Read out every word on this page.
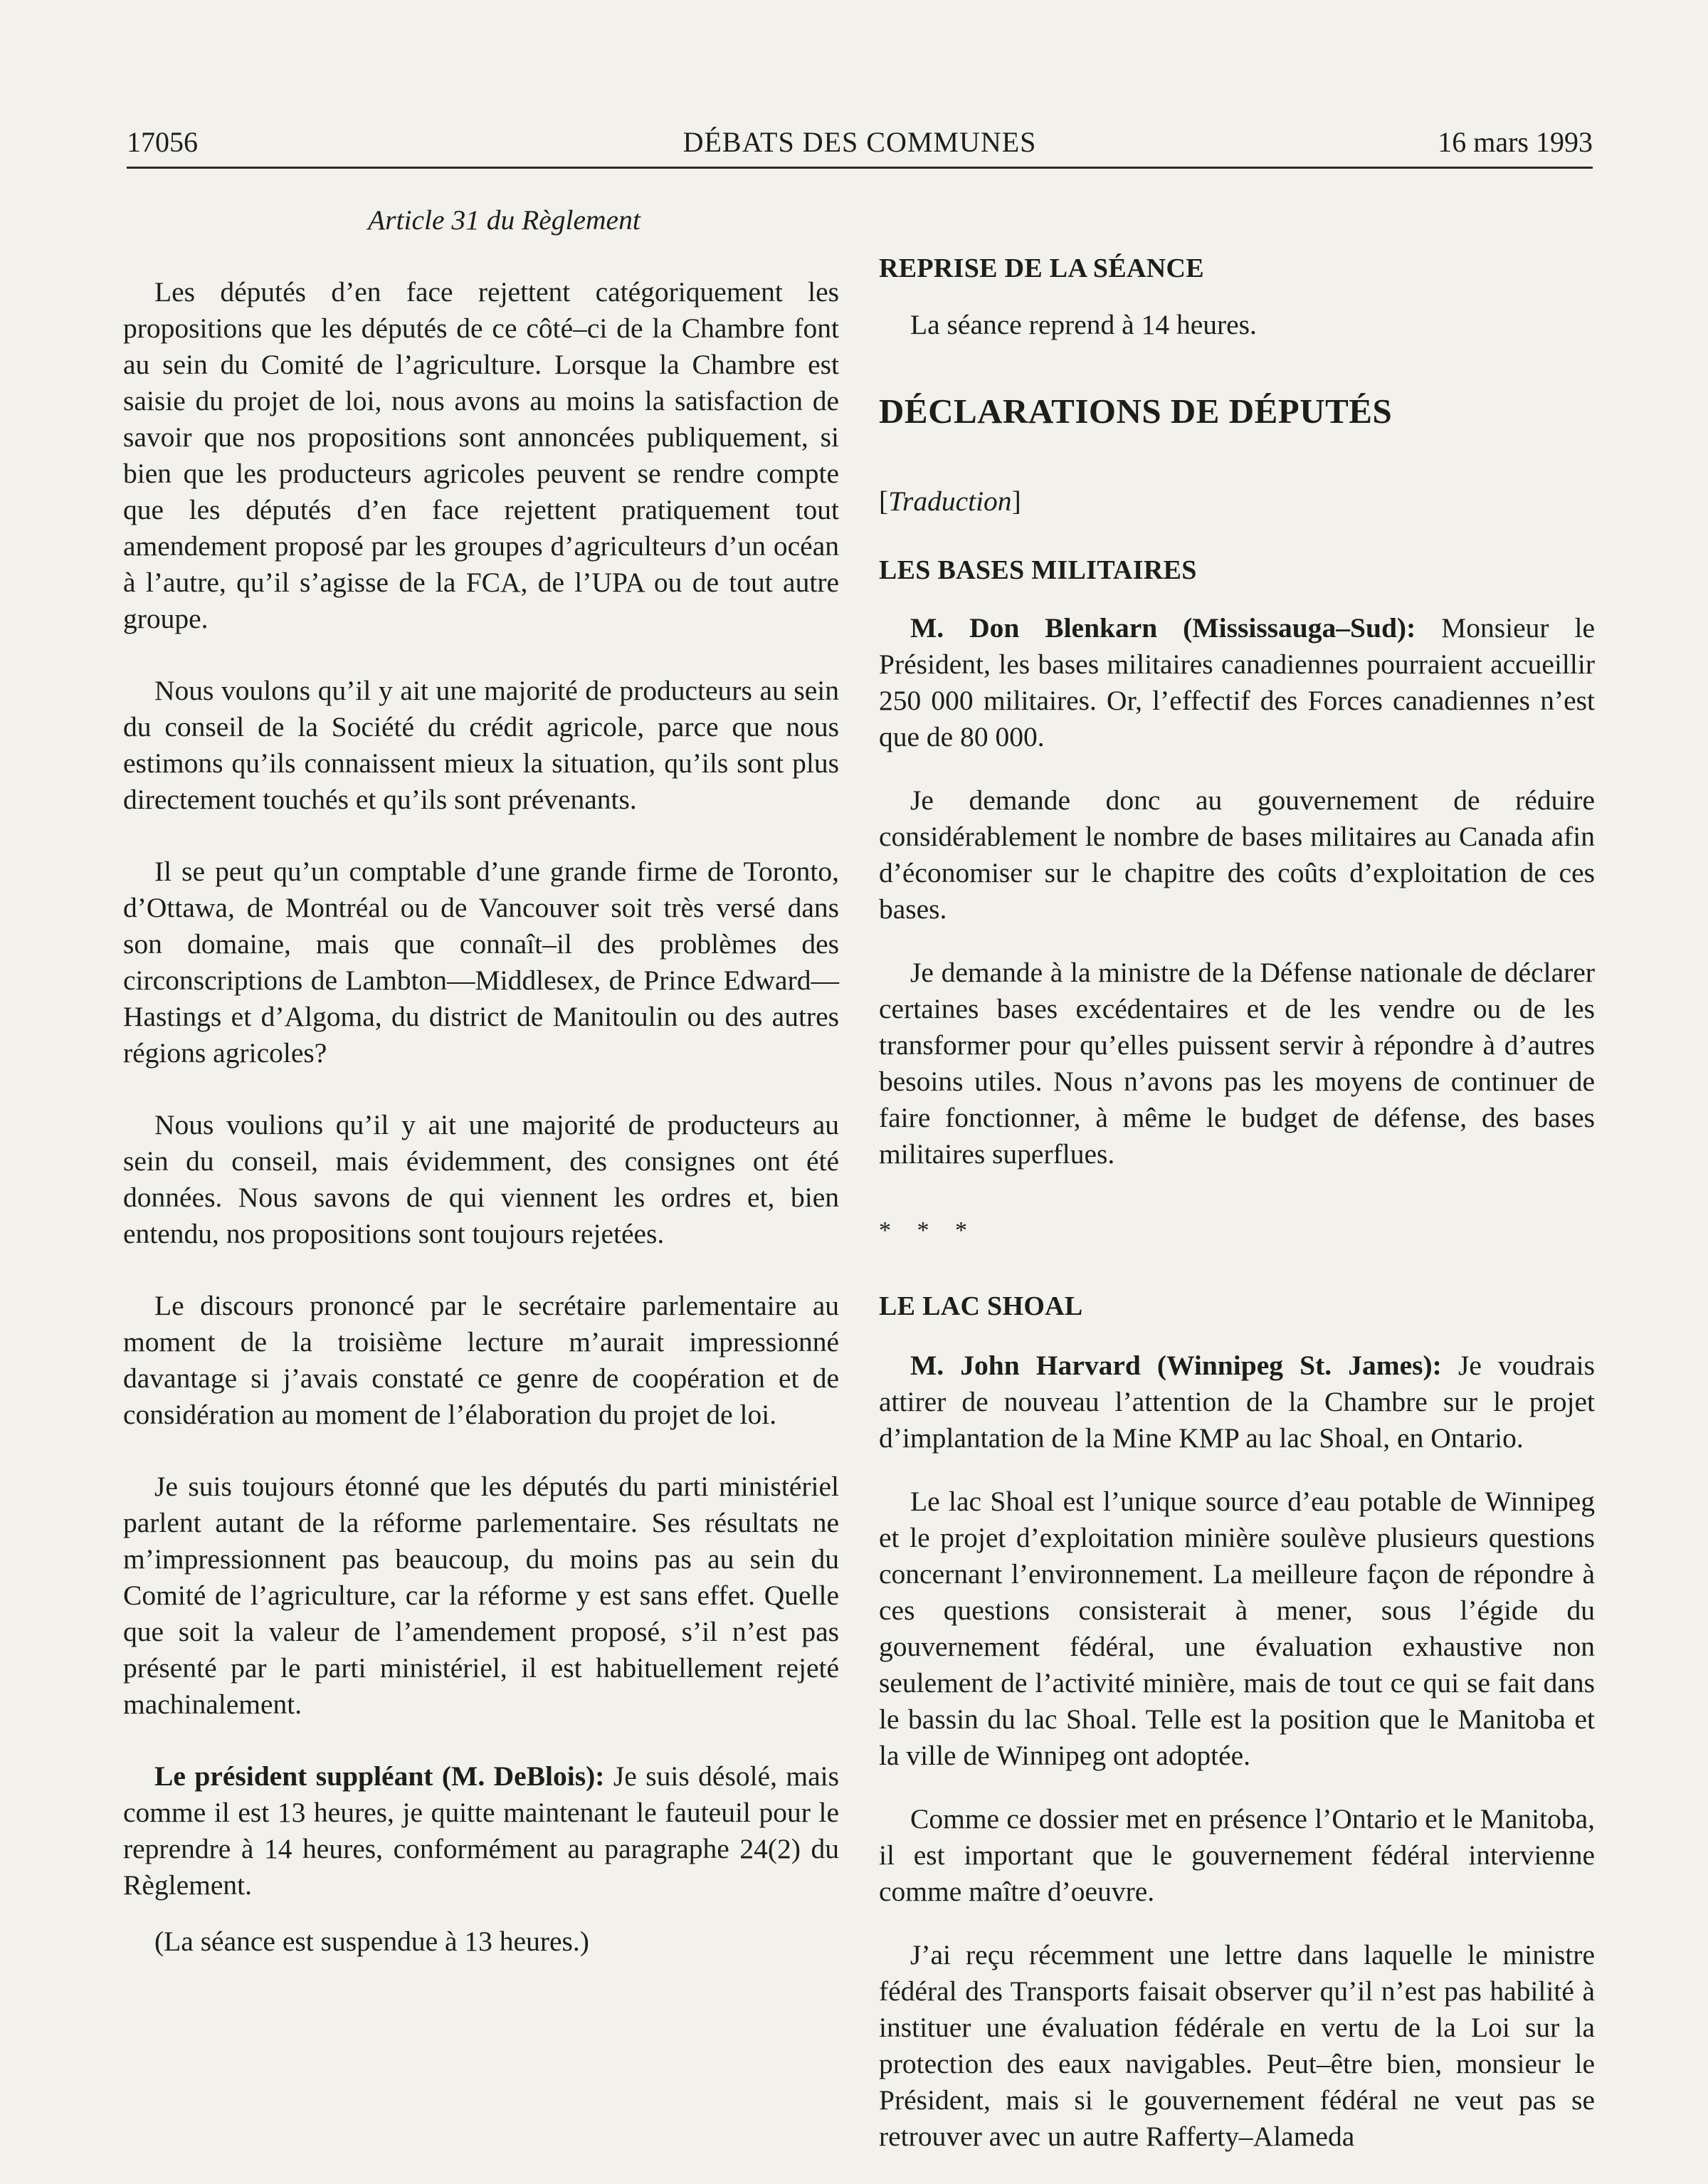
17056	DÉBATS DES COMMUNES	16 mars 1993

Article 31 du Règlement

Les députés d’en face rejettent catégoriquement les propositions que les députés de ce côté–ci de la Chambre font au sein du Comité de l’agriculture. Lorsque la Chambre est saisie du projet de loi, nous avons au moins la satisfaction de savoir que nos propositions sont annoncées publiquement, si bien que les producteurs agricoles peuvent se rendre compte que les députés d’en face rejettent pratiquement tout amendement proposé par les groupes d’agriculteurs d’un océan à l’autre, qu’il s’agisse de la FCA, de l’UPA ou de tout autre groupe.

Nous voulons qu’il y ait une majorité de producteurs au sein du conseil de la Société du crédit agricole, parce que nous estimons qu’ils connaissent mieux la situation, qu’ils sont plus directement touchés et qu’ils sont prévenants.

Il se peut qu’un comptable d’une grande firme de Toronto, d’Ottawa, de Montréal ou de Vancouver soit très versé dans son domaine, mais que connaît–il des problèmes des circonscriptions de Lambton—Middlesex, de Prince Edward—Hastings et d’Algoma, du district de Manitoulin ou des autres régions agricoles?

Nous voulions qu’il y ait une majorité de producteurs au sein du conseil, mais évidemment, des consignes ont été données. Nous savons de qui viennent les ordres et, bien entendu, nos propositions sont toujours rejetées.

Le discours prononcé par le secrétaire parlementaire au moment de la troisième lecture m’aurait impressionné davantage si j’avais constaté ce genre de coopération et de considération au moment de l’élaboration du projet de loi.

Je suis toujours étonné que les députés du parti ministériel parlent autant de la réforme parlementaire. Ses résultats ne m’impressionnent pas beaucoup, du moins pas au sein du Comité de l’agriculture, car la réforme y est sans effet. Quelle que soit la valeur de l’amendement proposé, s’il n’est pas présenté par le parti ministériel, il est habituellement rejeté machinalement.

Le président suppléant (M. DeBlois): Je suis désolé, mais comme il est 13 heures, je quitte maintenant le fauteuil pour le reprendre à 14 heures, conformément au paragraphe 24(2) du Règlement.

(La séance est suspendue à 13 heures.)

REPRISE DE LA SÉANCE

La séance reprend à 14 heures.

DÉCLARATIONS DE DÉPUTÉS

[Traduction]

LES BASES MILITAIRES

M. Don Blenkarn (Mississauga–Sud): Monsieur le Président, les bases militaires canadiennes pourraient accueillir 250 000 militaires. Or, l’effectif des Forces canadiennes n’est que de 80 000.

Je demande donc au gouvernement de réduire considérablement le nombre de bases militaires au Canada afin d’économiser sur le chapitre des coûts d’exploitation de ces bases.

Je demande à la ministre de la Défense nationale de déclarer certaines bases excédentaires et de les vendre ou de les transformer pour qu’elles puissent servir à répondre à d’autres besoins utiles. Nous n’avons pas les moyens de continuer de faire fonctionner, à même le budget de défense, des bases militaires superflues.

* * *

LE LAC SHOAL

M. John Harvard (Winnipeg St. James): Je voudrais attirer de nouveau l’attention de la Chambre sur le projet d’implantation de la Mine KMP au lac Shoal, en Ontario.

Le lac Shoal est l’unique source d’eau potable de Winnipeg et le projet d’exploitation minière soulève plusieurs questions concernant l’environnement. La meilleure façon de répondre à ces questions consisterait à mener, sous l’égide du gouvernement fédéral, une évaluation exhaustive non seulement de l’activité minière, mais de tout ce qui se fait dans le bassin du lac Shoal. Telle est la position que le Manitoba et la ville de Winnipeg ont adoptée.

Comme ce dossier met en présence l’Ontario et le Manitoba, il est important que le gouvernement fédéral intervienne comme maître d’oeuvre.

J’ai reçu récemment une lettre dans laquelle le ministre fédéral des Transports faisait observer qu’il n’est pas habilité à instituer une évaluation fédérale en vertu de la Loi sur la protection des eaux navigables. Peut–être bien, monsieur le Président, mais si le gouvernement fédéral ne veut pas se retrouver avec un autre Rafferty–Alameda
